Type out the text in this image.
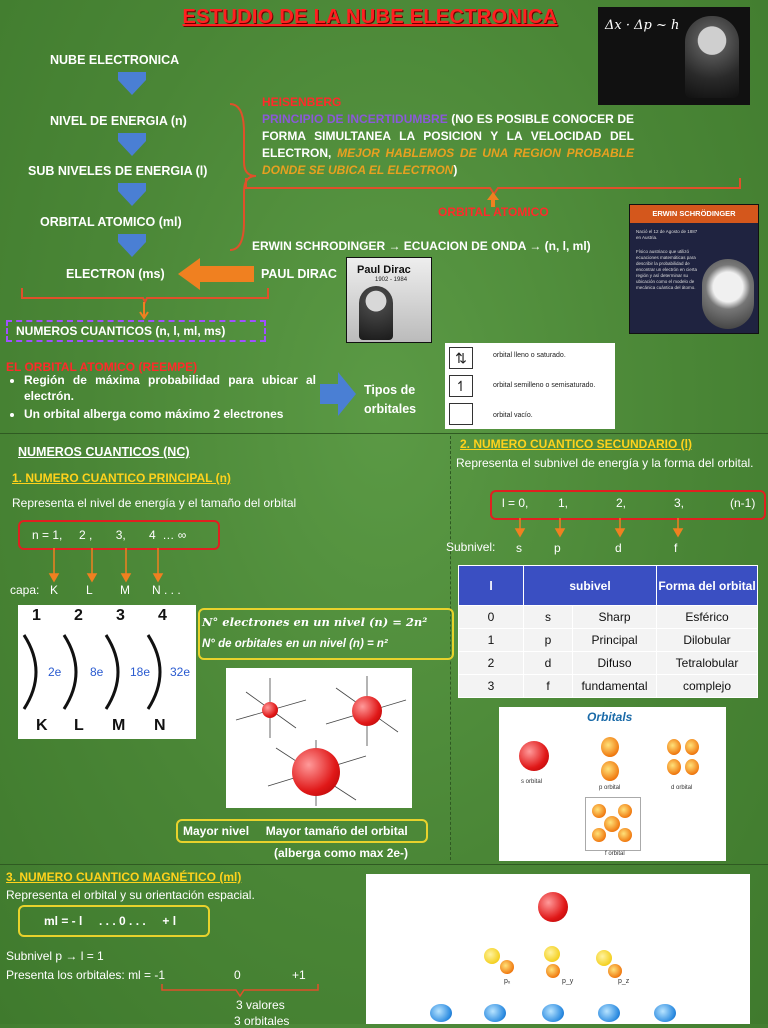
ESTUDIO DE LA NUBE ELECTRONICA	Δx · Δp ~ h
NUBE ELECTRONICA
NIVEL DE ENERGIA (n)
SUB NIVELES DE ENERGIA (l)
ORBITAL ATOMICO (ml)
ELECTRON (ms)
HEISENBERG
PRINCIPIO DE INCERTIDUMBRE (NO ES POSIBLE CONOCER DE FORMA SIMULTANEA LA POSICION Y LA VELOCIDAD DEL ELECTRON, MEJOR HABLEMOS DE UNA REGION PROBABLE DONDE SE UBICA EL ELECTRON)
ORBITAL ATOMICO
ERWIN SCHRODINGER → ECUACION DE ONDA → (n, l, ml)
PAUL DIRAC Paul Dirac
1902 - 1984
ERWIN SCHRÖDINGER
Nació el 12 de Agosto de 1887 en Austria.
Físico austriaco que utilizó ecuaciones matemáticas para describir la probabilidad de encontrar un electrón en cierta región y así determinar su ubicación como el modelo de mecánica cuántica del átomo.
NUMEROS CUANTICOS (n, l, ml, ms)
EL ORBITAL ATOMICO (REEMPE)
• Región de máxima probabilidad para ubicar al electrón.
• Un orbital alberga como máximo 2 electrones
Tipos de orbitales
⇅	orbital lleno o saturado.
↿	orbital semilleno o semisaturado.
orbital vacío.
NUMEROS CUANTICOS (NC)
1. NUMERO CUANTICO PRINCIPAL (n)
Representa el nivel de energía y el tamaño del orbital
n = 1,     2 ,       3,       4  … ∞
capa: K L M N . . .
1 2 3 4
2e 8e 18e 32e
K L M N
N° electrones en un nivel (n) = 2n²
N° de orbitales en un nivel (n) = n²
Mayor nivel     Mayor tamaño del orbital
(alberga como max 2e-)
2. NUMERO CUANTICO SECUNDARIO (l)
Representa el subnivel de energía y la forma del orbital.
l = 0, 1,	2,	3,	(n-1)
Subnivel: s	p	d	f
l	subivel		Forma del orbital
0	s	Sharp	Esférico
1	p	Principal	Dilobular
2	d	Difuso	Tetralobular
3	f	fundamental	complejo
Orbitals
s orbital
p orbital	d orbital
f orbital
3. NUMERO CUANTICO MAGNÉTICO (ml)
Representa el orbital y su orientación espacial.
ml = - l     . . . 0 . . .     + l
Subnivel p → l = 1
Presenta los orbitales: ml = -1	0	+1
3 valores
3 orbitales
pₓ	p_y	p_z
